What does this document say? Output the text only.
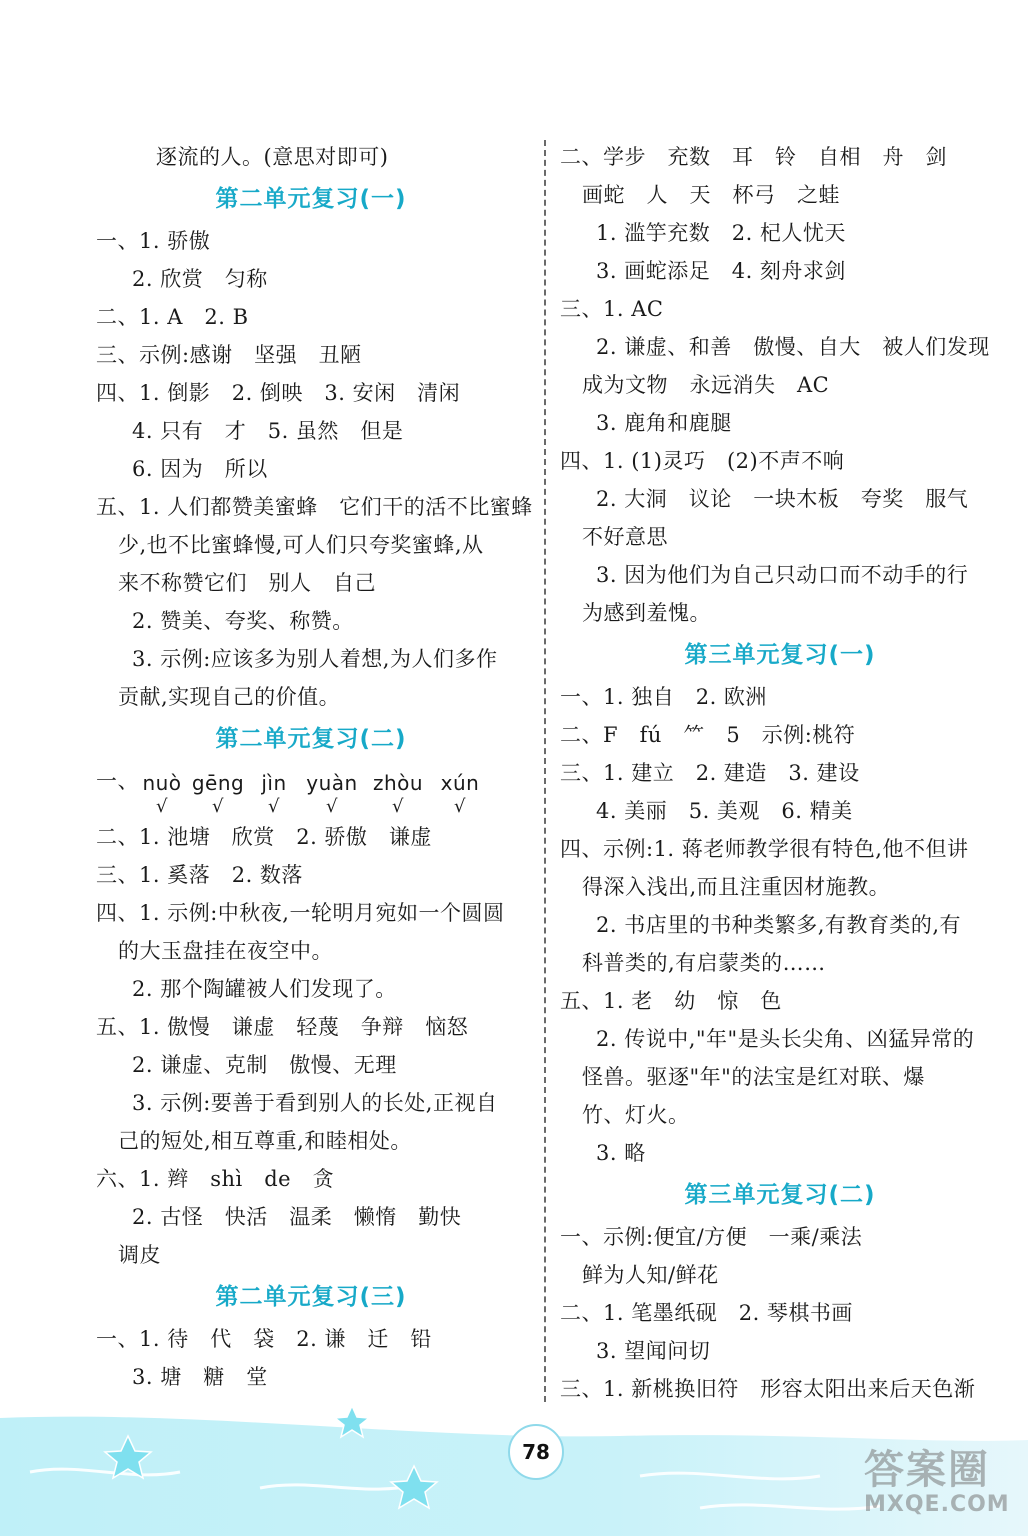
逐流的人。(意思对即可)
第二单元复习(一)
一、1. 骄傲
2. 欣赏　匀称
二、1. A　2. B
三、示例:感谢　坚强　丑陋
四、1. 倒影　2. 倒映　3. 安闲　清闲
4. 只有　才　5. 虽然　但是
6. 因为　所以
五、1. 人们都赞美蜜蜂　它们干的活不比蜜蜂
少,也不比蜜蜂慢,可人们只夸奖蜜蜂,从
来不称赞它们　别人　自己
2. 赞美、夸奖、称赞。
3. 示例:应该多为别人着想,为人们多作
贡献,实现自己的价值。
第二单元复习(二)

一、

nuò
√

gēng
√

jìn
√

yuàn
√

zhòu
√

xún
√

二、1. 池塘　欣赏　2. 骄傲　谦虚
三、1. 奚落　2. 数落
四、1. 示例:中秋夜,一轮明月宛如一个圆圆
的大玉盘挂在夜空中。
2. 那个陶罐被人们发现了。
五、1. 傲慢　谦虚　轻蔑　争辩　恼怒
2. 谦虚、克制　傲慢、无理
3. 示例:要善于看到别人的长处,正视自
己的短处,相互尊重,和睦相处。
六、1. 辫　shì　de　贪
2. 古怪　快活　温柔　懒惰　勤快
调皮
第二单元复习(三)
一、1. 待　代　袋　2. 谦　迁　铅
3. 塘　糖　堂
二、学步　充数　耳　铃　自相　舟　剑
画蛇　人　天　杯弓　之蛙
1. 滥竽充数　2. 杞人忧天
3. 画蛇添足　4. 刻舟求剑
三、1. AC
2. 谦虚、和善　傲慢、自大　被人们发现
成为文物　永远消失　AC
3. 鹿角和鹿腿
四、1. (1)灵巧　(2)不声不响
2. 大洞　议论　一块木板　夸奖　服气
不好意思
3. 因为他们为自己只动口而不动手的行
为感到羞愧。
第三单元复习(一)
一、1. 独自　2. 欧洲
二、F　fú　⺮　5　示例:桃符
三、1. 建立　2. 建造　3. 建设
4. 美丽　5. 美观　6. 精美
四、示例:1. 蒋老师教学很有特色,他不但讲
得深入浅出,而且注重因材施教。
2. 书店里的书种类繁多,有教育类的,有
科普类的,有启蒙类的……
五、1. 老　幼　惊　色
2. 传说中,"年"是头长尖角、凶猛异常的
怪兽。驱逐"年"的法宝是红对联、爆
竹、灯火。
3. 略
第三单元复习(二)
一、示例:便宜/方便　一乘/乘法
鲜为人知/鲜花
二、1. 笔墨纸砚　2. 琴棋书画
3. 望闻问切
三、1. 新桃换旧符　形容太阳出来后天色渐
78	答案圈
MXQE.COM
